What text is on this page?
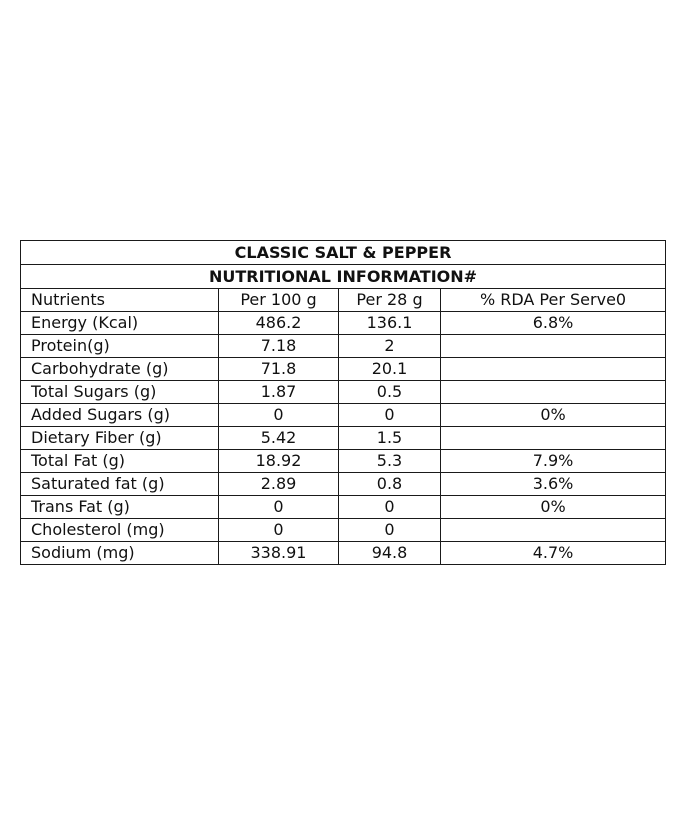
CLASSIC SALT & PEPPER			
NUTRITIONAL INFORMATION#			
Nutrients	Per 100 g	Per 28 g	% RDA Per Serve0
Energy (Kcal)	486.2	136.1	6.8%
Protein(g)	7.18	2	
Carbohydrate (g)	71.8	20.1	
Total Sugars (g)	1.87	0.5	
Added Sugars (g)	0	0	0%
Dietary Fiber (g)	5.42	1.5	
Total Fat (g)	18.92	5.3	7.9%
Saturated fat (g)	2.89	0.8	3.6%
Trans Fat (g)	0	0	0%
Cholesterol (mg)	0	0	
Sodium (mg)	338.91	94.8	4.7%
